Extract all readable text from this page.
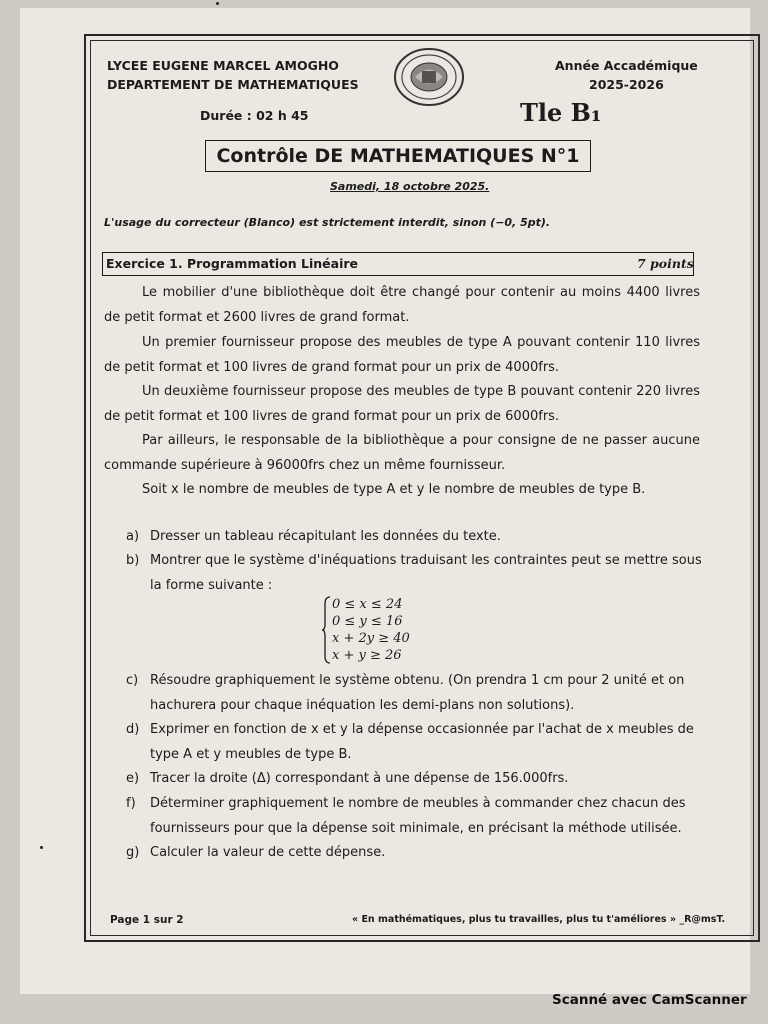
LYCEE EUGENE MARCEL AMOGHO
DEPARTEMENT DE MATHEMATIQUES
Année Accadémique
2025-2026
Durée : 02 h 45	Tle B₁
Contrôle DE MATHEMATIQUES N°1
Samedi, 18 octobre 2025.
L'usage du correcteur (Blanco) est strictement interdit, sinon (−0, 5pt).
Exercice 1. Programmation Linéaire	7 points
Le mobilier d'une bibliothèque doit être changé pour contenir au moins 4400 livres de petit format et 2600 livres de grand format.
Un premier fournisseur propose des meubles de type A pouvant contenir 110 livres de petit format et 100 livres de grand format pour un prix de 4000frs.
Un deuxième fournisseur propose des meubles de type B pouvant contenir 220 livres de petit format et 100 livres de grand format pour un prix de 6000frs.
Par ailleurs, le responsable de la bibliothèque a pour consigne de ne passer aucune commande supérieure à 96000frs chez un même fournisseur.
Soit x le nombre de meubles de type A et y le nombre de meubles de type B.
a) Dresser un tableau récapitulant les données du texte.
b) Montrer que le système d'inéquations traduisant les contraintes peut se mettre sous la forme suivante :
0 ≤ x ≤ 24
0 ≤ y ≤ 16
x + 2y ≥ 40
x + y ≥ 26
c) Résoudre graphiquement le système obtenu. (On prendra 1 cm pour 2 unité et on hachurera pour chaque inéquation les demi-plans non solutions).
d) Exprimer en fonction de x et y la dépense occasionnée par l'achat de x meubles de type A et y meubles de type B.
e) Tracer la droite (Δ) correspondant à une dépense de 156.000frs.
f) Déterminer graphiquement le nombre de meubles à commander chez chacun des fournisseurs pour que la dépense soit minimale, en précisant la méthode utilisée.
g) Calculer la valeur de cette dépense.
Page 1 sur 2	« En mathématiques, plus tu travailles, plus tu t'améliores » _R@msT.
Scanné avec CamScanner
